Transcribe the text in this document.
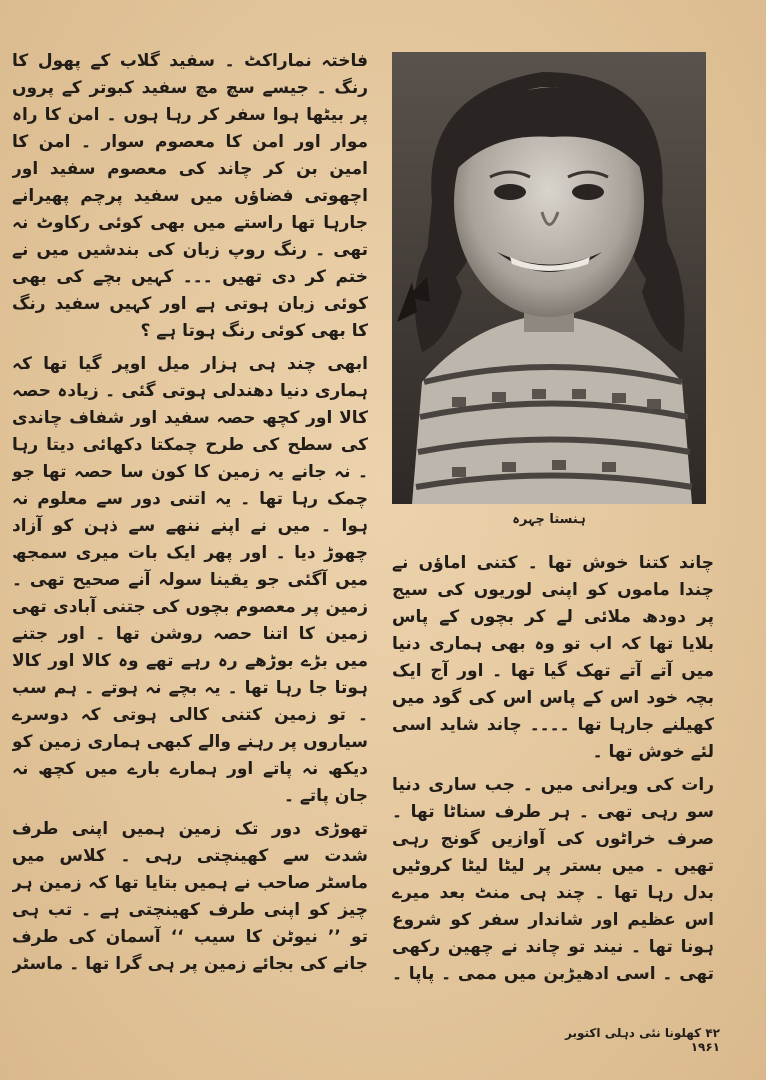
فاختہ نماراکٹ ۔ سفید گلاب کے پھول کا رنگ ۔ جیسے سچ مچ سفید کبوتر کے پروں پر بیٹھا ہوا سفر کر رہا ہوں ۔ امن کا راہ موار اور امن کا معصوم سوار ۔ امن کا امین بن کر چاند کی معصوم سفید اور اچھوتی فضاؤں میں سفید پرچم پھیرانے جارہا تھا راستے میں بھی کوئی رکاوٹ نہ تھی ۔ رنگ روپ زبان کی بندشیں میں نے ختم کر دی تھیں ۔۔۔ کہیں بچے کی بھی کوئی زبان ہوتی ہے اور کہیں سفید رنگ کا بھی کوئی رنگ ہوتا ہے ؟

ابھی چند ہی ہزار میل اوپر گیا تھا کہ ہماری دنیا دھندلی ہوتی گئی ۔ زیادہ حصہ کالا اور کچھ حصہ سفید اور شفاف چاندی کی سطح کی طرح چمکتا دکھائی دیتا رہا ۔ نہ جانے یہ زمین کا کون سا حصہ تھا جو چمک رہا تھا ۔ یہ اتنی دور سے معلوم نہ ہوا ۔ میں نے اپنے ننھے سے ذہن کو آزاد چھوڑ دیا ۔ اور پھر ایک بات میری سمجھ میں آگئی جو یقینا سولہ آنے صحیح تھی ۔ زمین پر معصوم بچوں کی جتنی آبادی تھی زمین کا اتنا حصہ روشن تھا ۔ اور جتنے میں بڑے بوڑھے رہ رہے تھے وہ کالا اور کالا ہوتا جا رہا تھا ۔ یہ بچے نہ ہوتے ۔ ہم سب ۔ تو زمین کتنی کالی ہوتی کہ دوسرے سیاروں پر رہنے والے کبھی ہماری زمین کو دیکھ نہ پاتے اور ہمارے بارے میں کچھ نہ جان پاتے ۔

تھوڑی دور تک زمین ہمیں اپنی طرف شدت سے کھینچتی رہی ۔ کلاس میں ماسٹر صاحب نے ہمیں بتایا تھا کہ زمین ہر چیز کو اپنی طرف کھینچتی ہے ۔ تب ہی تو ’’ نیوٹن کا سیب ‘‘ آسمان کی طرف جانے کی بجائے زمین پر ہی گرا تھا ۔ ماسٹر

ہنستا چہرہ

چاند کتنا خوش تھا ۔ کتنی اماؤں نے چندا ماموں کو اپنی لوریوں کی سیج پر دودھ ملائی لے کر بچوں کے پاس بلایا تھا کہ اب تو وہ بھی ہماری دنیا میں آتے آتے تھک گیا تھا ۔ اور آج ایک بچہ خود اس کے پاس اس کی گود میں کھیلنے جارہا تھا ۔۔۔۔ چاند شاید اسی لئے خوش تھا ۔

رات کی ویرانی میں ۔ جب ساری دنیا سو رہی تھی ۔ ہر طرف سناٹا تھا ۔ صرف خراٹوں کی آوازیں گونج رہی تھیں ۔ میں بستر پر لیٹا لیٹا کروٹیں بدل رہا تھا ۔ چند ہی منٹ بعد میرے اس عظیم اور شاندار سفر کو شروع ہونا تھا ۔ نیند تو چاند نے چھین رکھی تھی ۔ اسی ادھیڑبن میں ممی ۔ پاپا ۔

۴۲ کھلونا نئی دہلی اکتوبر ۱۹۶۱
